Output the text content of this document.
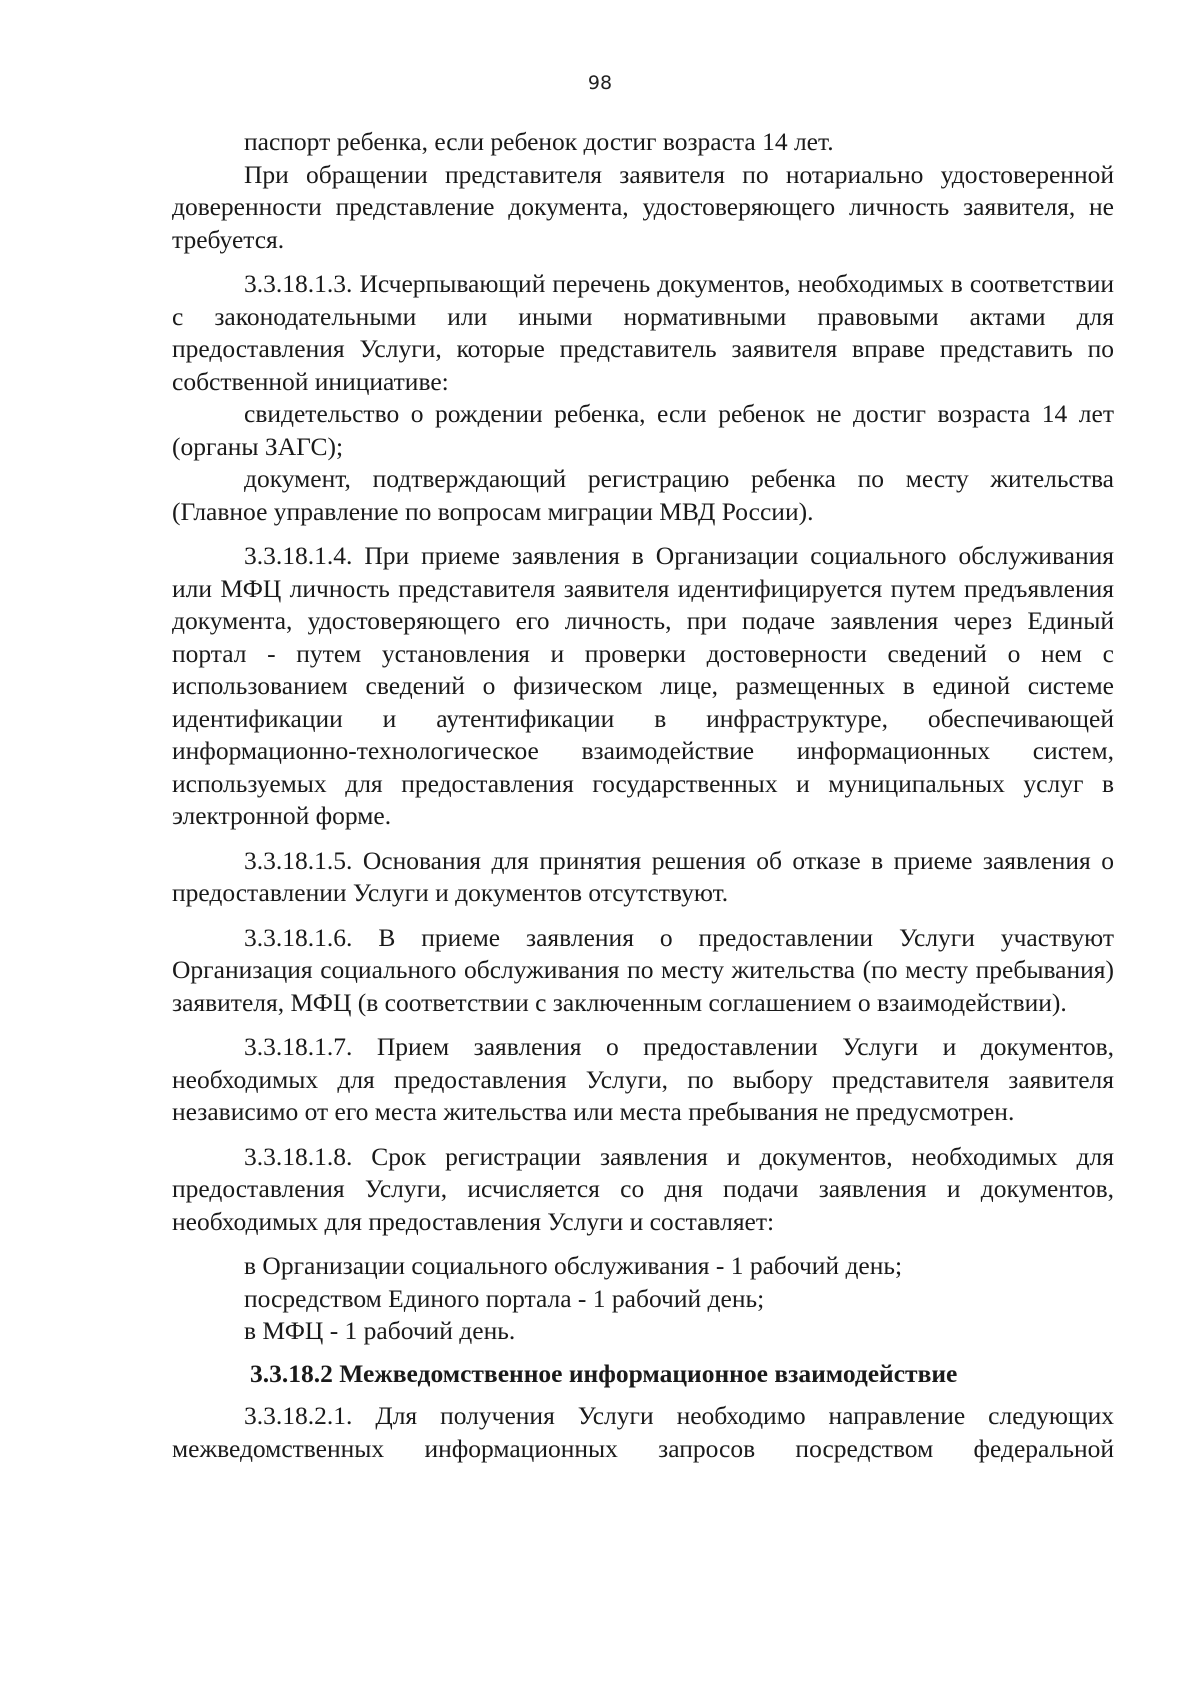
98

паспорт ребенка, если ребенок достиг возраста 14 лет.

При обращении представителя заявителя по нотариально удостоверенной доверенности представление документа, удостоверяющего личность заявителя, не требуется.

3.3.18.1.3. Исчерпывающий перечень документов, необходимых в соответствии с законодательными или иными нормативными правовыми актами для предоставления Услуги, которые представитель заявителя вправе представить по собственной инициативе:

свидетельство о рождении ребенка, если ребенок не достиг возраста 14 лет (органы ЗАГС);

документ, подтверждающий регистрацию ребенка по месту жительства (Главное управление по вопросам миграции МВД России).

3.3.18.1.4. При приеме заявления в Организации социального обслуживания или МФЦ личность представителя заявителя идентифицируется путем предъявления документа, удостоверяющего его личность, при подаче заявления через Единый портал - путем установления и проверки достоверности сведений о нем с использованием сведений о физическом лице, размещенных в единой системе идентификации и аутентификации в инфраструктуре, обеспечивающей информационно-технологическое взаимодействие информационных систем, используемых для предоставления государственных и муниципальных услуг в электронной форме.

3.3.18.1.5. Основания для принятия решения об отказе в приеме заявления о предоставлении Услуги и документов отсутствуют.

3.3.18.1.6. В приеме заявления о предоставлении Услуги участвуют Организация социального обслуживания по месту жительства (по месту пребывания) заявителя, МФЦ (в соответствии с заключенным соглашением о взаимодействии).

3.3.18.1.7. Прием заявления о предоставлении Услуги и документов, необходимых для предоставления Услуги, по выбору представителя заявителя независимо от его места жительства или места пребывания не предусмотрен.

3.3.18.1.8. Срок регистрации заявления и документов, необходимых для предоставления Услуги, исчисляется со дня подачи заявления и документов, необходимых для предоставления Услуги и составляет:

в Организации социального обслуживания - 1 рабочий день;

посредством Единого портала - 1 рабочий день;

в МФЦ - 1 рабочий день.

3.3.18.2 Межведомственное информационное взаимодействие

3.3.18.2.1. Для получения Услуги необходимо направление следующих межведомственных информационных запросов посредством федеральной
